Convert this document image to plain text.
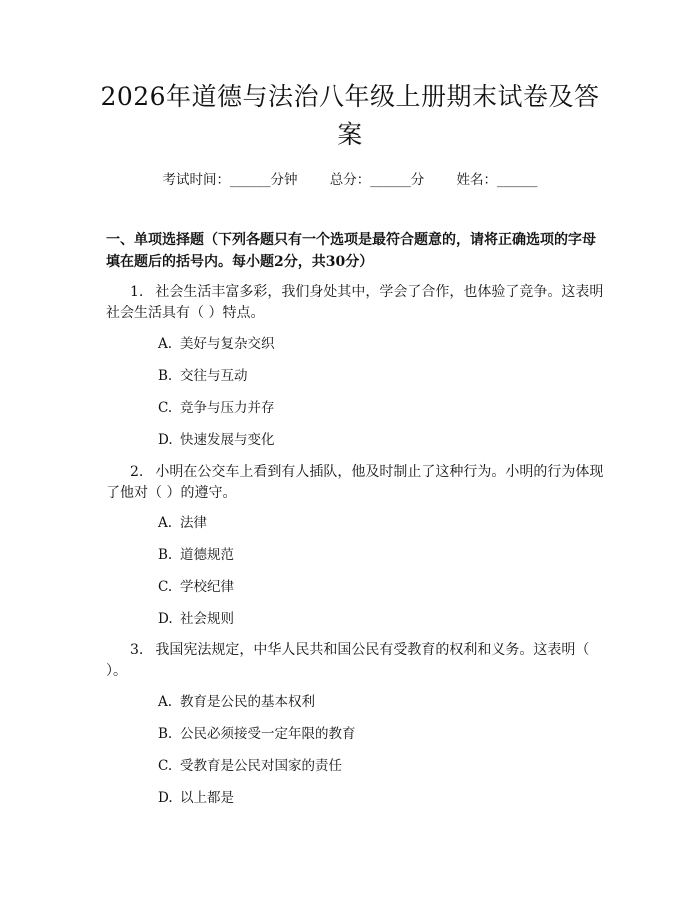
2026年道德与法治八年级上册期末试卷及答案
考试时间：______分钟 总分：______分 姓名：______
一、单项选择题（下列各题只有一个选项是最符合题意的，请将正确选项的字母填在题后的括号内。每小题2分，共30分）
1. 社会生活丰富多彩，我们身处其中，学会了合作，也体验了竞争。这表明社会生活具有（ ）特点。
A. 美好与复杂交织
B. 交往与互动
C. 竞争与压力并存
D. 快速发展与变化
2. 小明在公交车上看到有人插队，他及时制止了这种行为。小明的行为体现了他对（ ）的遵守。
A. 法律
B. 道德规范
C. 学校纪律
D. 社会规则
3. 我国宪法规定，中华人民共和国公民有受教育的权利和义务。这表明（ ）。
A. 教育是公民的基本权利
B. 公民必须接受一定年限的教育
C. 受教育是公民对国家的责任
D. 以上都是
